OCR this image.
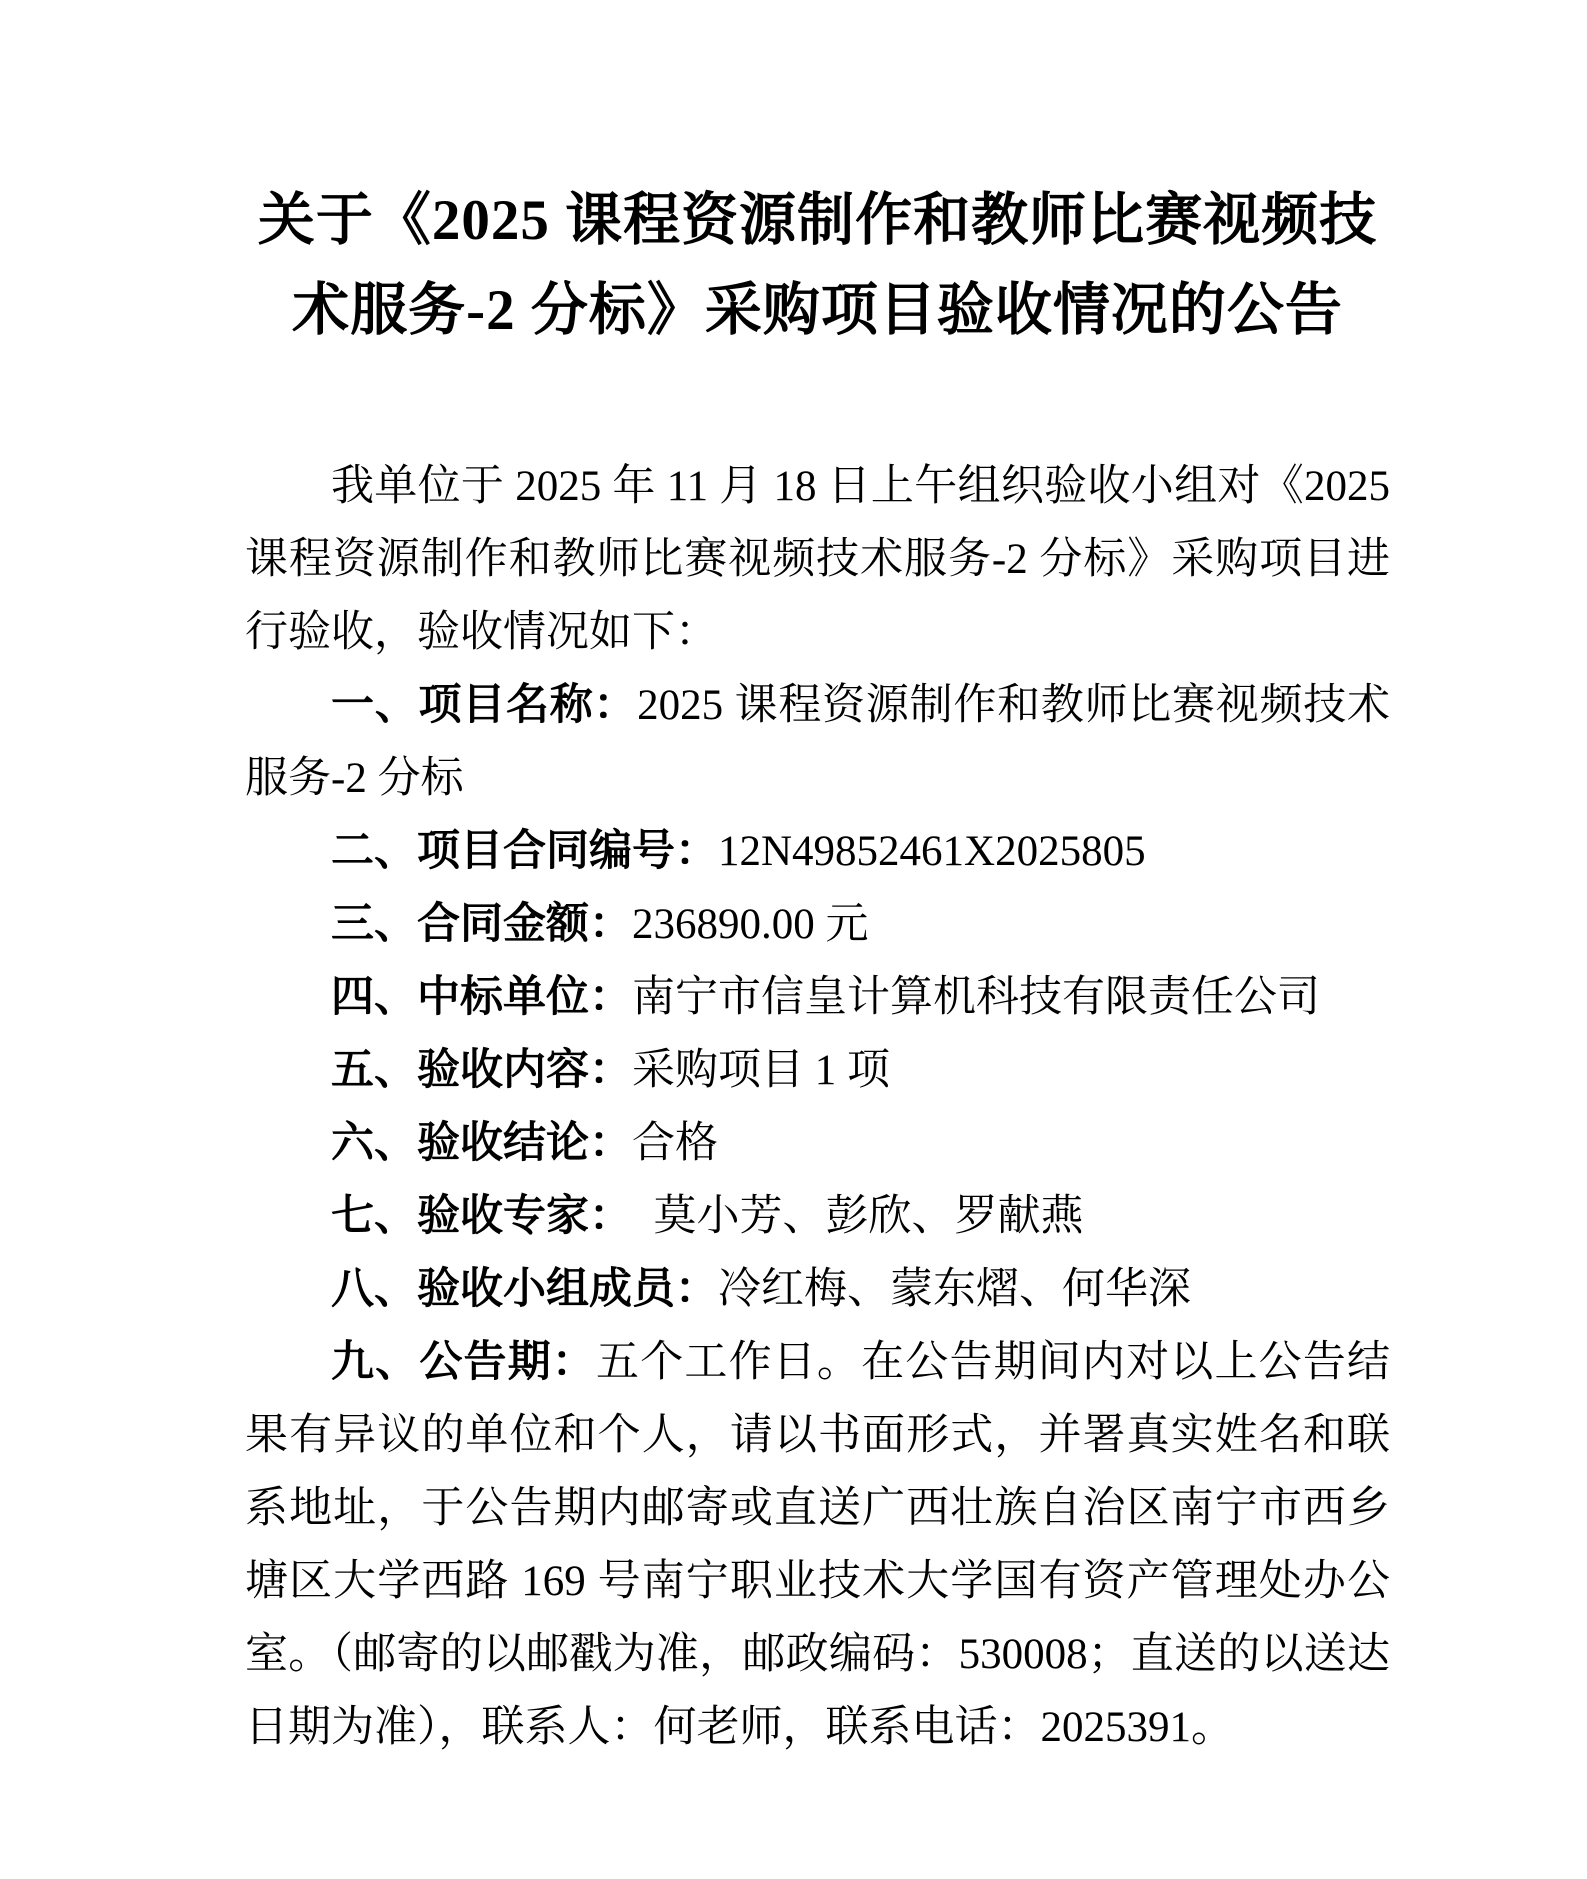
关于《2025 课程资源制作和教师比赛视频技
术服务-2 分标》采购项目验收情况的公告

我单位于 2025 年 11 月 18 日上午组织验收小组对《2025 课程资源制作和教师比赛视频技术服务-2 分标》采购项目进行验收，验收情况如下：

一、项目名称：2025 课程资源制作和教师比赛视频技术服务-2 分标

二、项目合同编号：12N49852461X2025805

三、合同金额：236890.00 元

四、中标单位：南宁市信皇计算机科技有限责任公司

五、验收内容：采购项目 1 项

六、验收结论：合格

七、验收专家：　莫小芳、彭欣、罗献燕

八、验收小组成员：冷红梅、蒙东熠、何华深

九、公告期：五个工作日。在公告期间内对以上公告结果有异议的单位和个人，请以书面形式，并署真实姓名和联系地址，于公告期内邮寄或直送广西壮族自治区南宁市西乡塘区大学西路 169 号南宁职业技术大学国有资产管理处办公室。（邮寄的以邮戳为准，邮政编码：530008；直送的以送达日期为准），联系人：何老师，联系电话：2025391。
